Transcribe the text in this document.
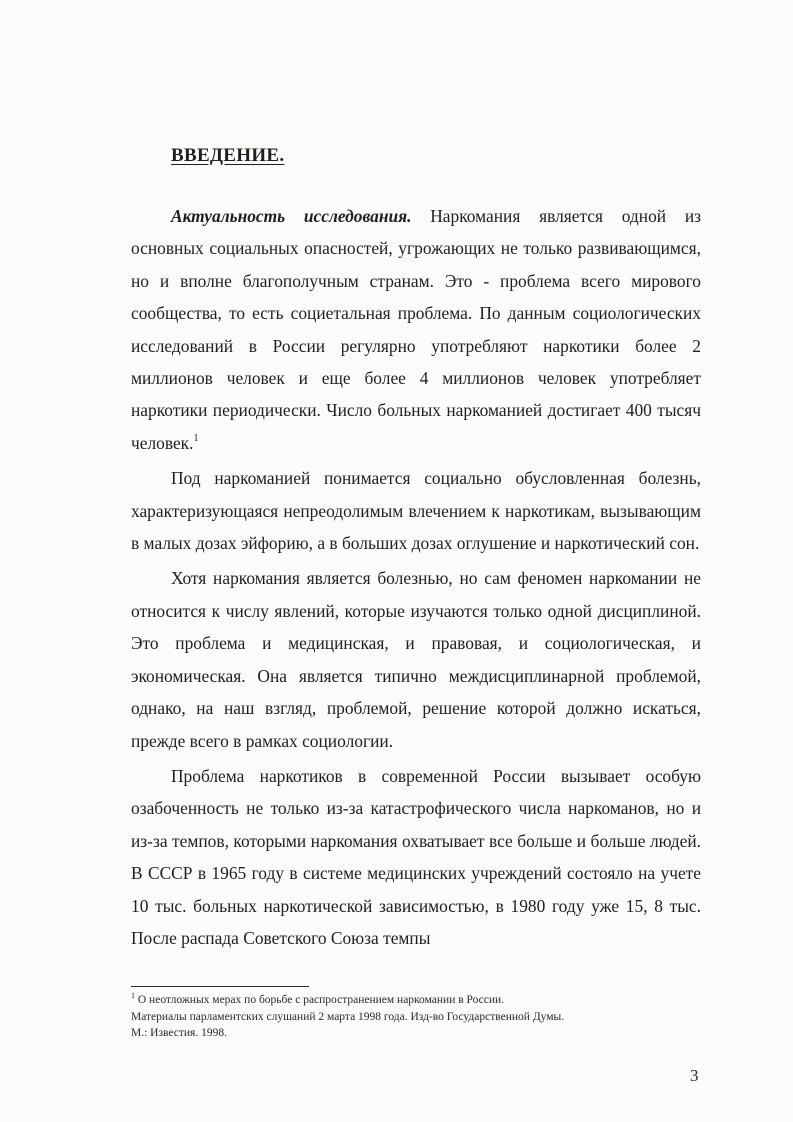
ВВЕДЕНИЕ.

Актуальность исследования. Наркомания является одной из основных социальных опасностей, угрожающих не только развивающимся, но и вполне благополучным странам. Это - проблема всего мирового сообщества, то есть социетальная проблема. По данным социологических исследований в России регулярно употребляют наркотики более 2 миллионов человек и еще более 4 миллионов человек употребляет наркотики периодически. Число больных наркоманией достигает 400 тысяч человек.$^1$

Под наркоманией понимается социально обусловленная болезнь, характеризующаяся непреодолимым влечением к наркотикам, вызывающим в малых дозах эйфорию, а в больших дозах оглушение и наркотический сон.

Хотя наркомания является болезнью, но сам феномен наркомании не относится к числу явлений, которые изучаются только одной дисциплиной. Это проблема и медицинская, и правовая, и социологическая, и экономическая. Она является типично междисциплинарной проблемой, однако, на наш взгляд, проблемой, решение которой должно искаться, прежде всего в рамках социологии.

Проблема наркотиков в современной России вызывает особую озабоченность не только из-за катастрофического числа наркоманов, но и из-за темпов, которыми наркомания охватывает все больше и больше людей. В СССР в 1965 году в системе медицинских учреждений состояло на учете 10 тыс. больных наркотической зависимостью, в 1980 году уже 15, 8 тыс. После распада Советского Союза темпы

$^1$ О неотложных мерах по борьбе с распространением наркомании в России.

Материалы парламентских слушаний 2 марта 1998 года. Изд-во Государственной Думы.

М.: Известия. 1998.

3
